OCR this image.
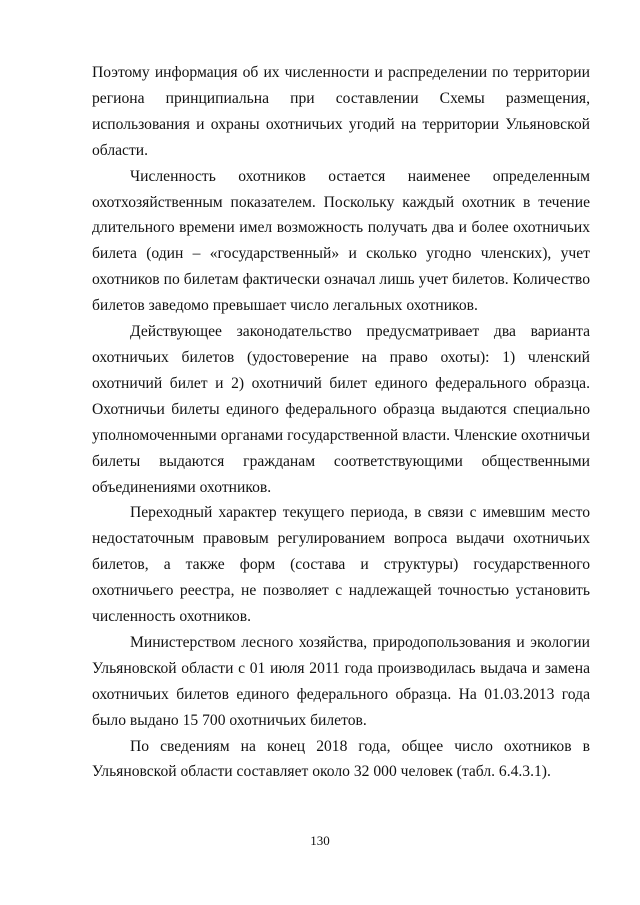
Поэтому информация об их численности и распределении по территории региона принципиальна при составлении Схемы размещения, использования и охраны охотничьих угодий на территории Ульяновской области.

Численность охотников остается наименее определенным охотхозяйственным показателем. Поскольку каждый охотник в течение длительного времени имел возможность получать два и более охотничьих билета (один – «государственный» и сколько угодно членских), учет охотников по билетам фактически означал лишь учет билетов. Количество билетов заведомо превышает число легальных охотников.

Действующее законодательство предусматривает два варианта охотничьих билетов (удостоверение на право охоты): 1) членский охотничий билет и 2) охотничий билет единого федерального образца. Охотничьи билеты единого федерального образца выдаются специально уполномоченными органами государственной власти. Членские охотничьи билеты выдаются гражданам соответствующими общественными объединениями охотников.

Переходный характер текущего периода, в связи с имевшим место недостаточным правовым регулированием вопроса выдачи охотничьих билетов, а также форм (состава и структуры) государственного охотничьего реестра, не позволяет с надлежащей точностью установить численность охотников.

Министерством лесного хозяйства, природопользования и экологии Ульяновской области с 01 июля 2011 года производилась выдача и замена охотничьих билетов единого федерального образца. На 01.03.2013 года было выдано 15 700 охотничьих билетов.

По сведениям на конец 2018 года, общее число охотников в Ульяновской области составляет около 32 000 человек (табл. 6.4.3.1).

130
